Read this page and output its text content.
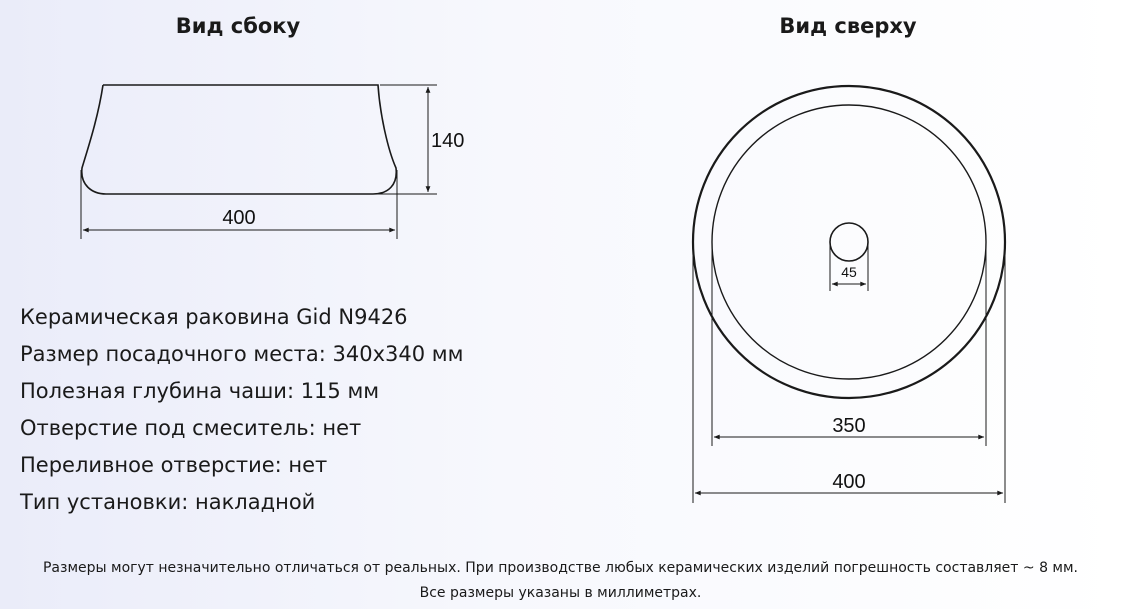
Вид сбоку	Вид сверху
140
400
45
350
400
Керамическая раковина Gid N9426
Размер посадочного места: 340х340 мм
Полезная глубина чаши: 115 мм
Отверстие под смеситель: нет
Переливное отверстие: нет
Тип установки: накладной
Размеры могут незначительно отличаться от реальных. При производстве любых керамических изделий погрешность составляет ~ 8 мм.
Все размеры указаны в миллиметрах.
